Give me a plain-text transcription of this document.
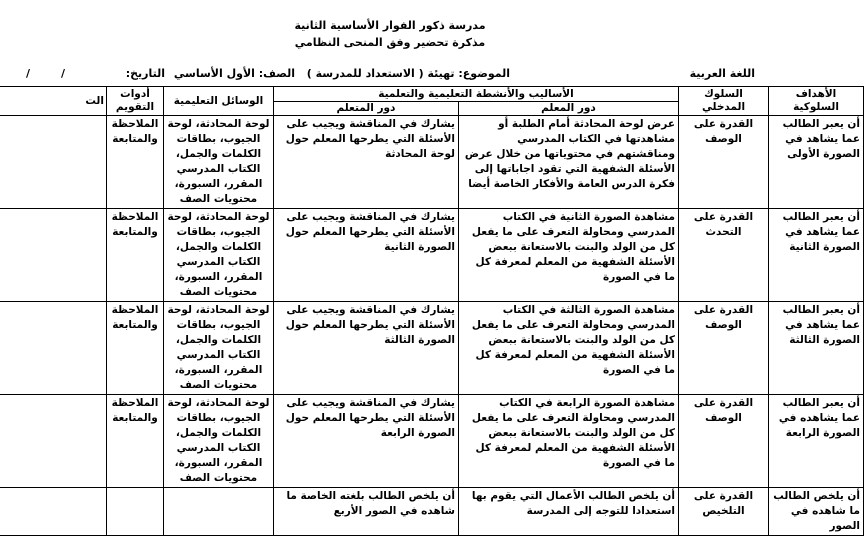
مدرسة ذكور الفوار الأساسية الثانية
مذكرة تحضير وفق المنحى النظامي
اللغة العربية
الموضوع: تهيئة ( الاستعداد للمدرسة )
الصف: الأول الأساسي
التاريخ:
/
/
الأهداف السلوكية	السلوك المدخلي	الأساليب والأنشطة التعليمية والتعلمية		الوسائل التعليمية	أدوات التقويم	الت
		دور المعلم	دور المتعلم			
أن يعبر الطالب عما يشاهد في الصورة الأولى	القدرة على الوصف	عرض لوحة المحادثة أمام الطلبة أو مشاهدتها في الكتاب المدرسي ومناقشتهم في محتوياتها من خلال عرض الأسئلة الشفهية التي تقود اجاباتها إلى فكرة الدرس العامة والأفكار الخاصة أيضا	يشارك في المناقشة ويجيب على الأسئلة التي يطرحها المعلم حول لوحة المحادثة	لوحة المحادثة، لوحة الجيوب، بطاقات الكلمات والجمل، الكتاب المدرسي المقرر، السبورة، محتويات الصف	الملاحظة والمتابعة	
أن يعبر الطالب عما يشاهد في الصورة الثانية	القدرة على التحدث	مشاهدة الصورة الثانية في الكتاب المدرسي ومحاولة التعرف على ما يفعل كل من الولد والبنت بالاستعانة ببعض الأسئلة الشفهية من المعلم لمعرفة كل ما في الصورة	يشارك في المناقشة ويجيب على الأسئلة التي يطرحها المعلم حول الصورة الثانية	لوحة المحادثة، لوحة الجيوب، بطاقات الكلمات والجمل، الكتاب المدرسي المقرر، السبورة، محتويات الصف	الملاحظة والمتابعة	
أن يعبر الطالب عما يشاهد في الصورة الثالثة	القدرة على الوصف	مشاهدة الصورة الثالثة في الكتاب المدرسي ومحاولة التعرف على ما يفعل كل من الولد والبنت بالاستعانة ببعض الأسئلة الشفهية من المعلم لمعرفة كل ما في الصورة	يشارك في المناقشة ويجيب على الأسئلة التي يطرحها المعلم حول الصورة الثالثة	لوحة المحادثة، لوحة الجيوب، بطاقات الكلمات والجمل، الكتاب المدرسي المقرر، السبورة، محتويات الصف	الملاحظة والمتابعة	
أن يعبر الطالب عما يشاهده في الصورة الرابعة	القدرة على الوصف	مشاهدة الصورة الرابعة في الكتاب المدرسي ومحاولة التعرف على ما يفعل كل من الولد والبنت بالاستعانة ببعض الأسئلة الشفهية من المعلم لمعرفة كل ما في الصورة	يشارك في المناقشة ويجيب على الأسئلة التي يطرحها المعلم حول الصورة الرابعة	لوحة المحادثة، لوحة الجيوب، بطاقات الكلمات والجمل، الكتاب المدرسي المقرر، السبورة، محتويات الصف	الملاحظة والمتابعة	
أن يلخص الطالب ما شاهده في الصور	القدرة على التلخيص	أن يلخص الطالب الأعمال التي يقوم بها استعدادا للتوجه إلى المدرسة	أن يلخص الطالب بلغته الخاصة ما شاهده في الصور الأربع			
